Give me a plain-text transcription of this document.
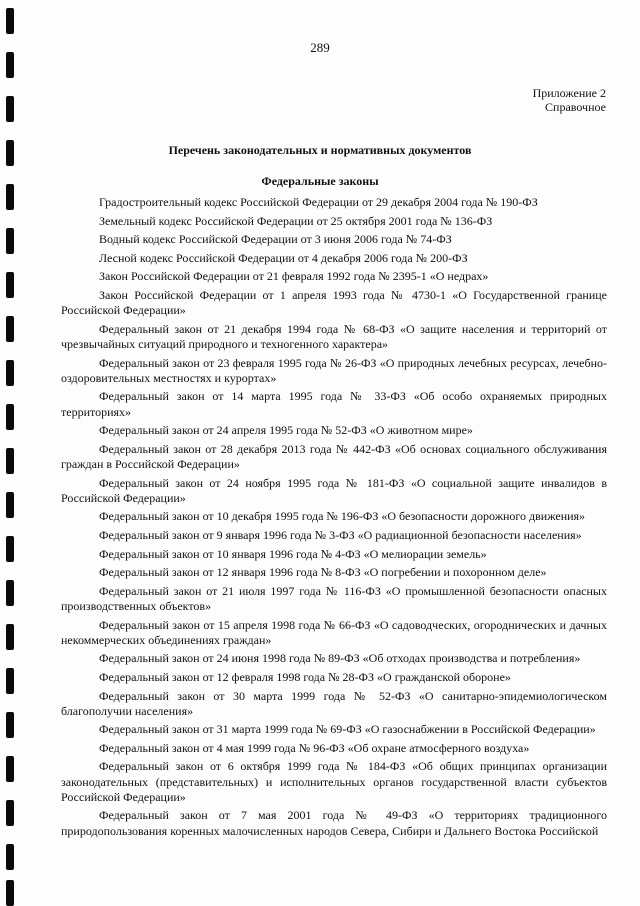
289
Приложение 2
Справочное
Перечень законодательных и нормативных документов
Федеральные законы

Градостроительный кодекс Российской Федерации от 29 декабря 2004 года № 190-ФЗ

Земельный кодекс Российской Федерации от 25 октября 2001 года № 136-ФЗ

Водный кодекс Российской Федерации от 3 июня 2006 года № 74-ФЗ

Лесной кодекс Российской Федерации от 4 декабря 2006 года № 200-ФЗ

Закон Российской Федерации от 21 февраля 1992 года № 2395-1 «О недрах»

Закон Российской Федерации от 1 апреля 1993 года № 4730-1 «О Государственной границе Российской Федерации»

Федеральный закон от 21 декабря 1994 года № 68-ФЗ «О защите населения и территорий от чрезвычайных ситуаций природного и техногенного характера»

Федеральный закон от 23 февраля 1995 года № 26-ФЗ «О природных лечебных ресурсах, лечебно-оздоровительных местностях и курортах»

Федеральный закон от 14 марта 1995 года № 33-ФЗ «Об особо охраняемых природных территориях»

Федеральный закон от 24 апреля 1995 года № 52-ФЗ «О животном мире»

Федеральный закон от 28 декабря 2013 года № 442-ФЗ «Об основах социального обслуживания граждан в Российской Федерации»

Федеральный закон от 24 ноября 1995 года № 181-ФЗ «О социальной защите инвалидов в Российской Федерации»

Федеральный закон от 10 декабря 1995 года № 196-ФЗ «О безопасности дорожного движения»

Федеральный закон от 9 января 1996 года № 3-ФЗ «О радиационной безопасности населения»

Федеральный закон от 10 января 1996 года № 4-ФЗ «О мелиорации земель»

Федеральный закон от 12 января 1996 года № 8-ФЗ «О погребении и похоронном деле»

Федеральный закон от 21 июля 1997 года № 116-ФЗ «О промышленной безопасности опасных производственных объектов»

Федеральный закон от 15 апреля 1998 года № 66-ФЗ «О садоводческих, огороднических и дачных некоммерческих объединениях граждан»

Федеральный закон от 24 июня 1998 года № 89-ФЗ «Об отходах производства и потребления»

Федеральный закон от 12 февраля 1998 года № 28-ФЗ «О гражданской обороне»

Федеральный закон от 30 марта 1999 года № 52-ФЗ «О санитарно-эпидемиологическом благополучии населения»

Федеральный закон от 31 марта 1999 года № 69-ФЗ «О газоснабжении в Российской Федерации»

Федеральный закон от 4 мая 1999 года № 96-ФЗ «Об охране атмосферного воздуха»

Федеральный закон от 6 октября 1999 года № 184-ФЗ «Об общих принципах организации законодательных (представительных) и исполнительных органов государственной власти субъектов Российской Федерации»

Федеральный закон от 7 мая 2001 года № 49-ФЗ «О территориях традиционного природопользования коренных малочисленных народов Севера, Сибири и Дальнего Востока Российской
